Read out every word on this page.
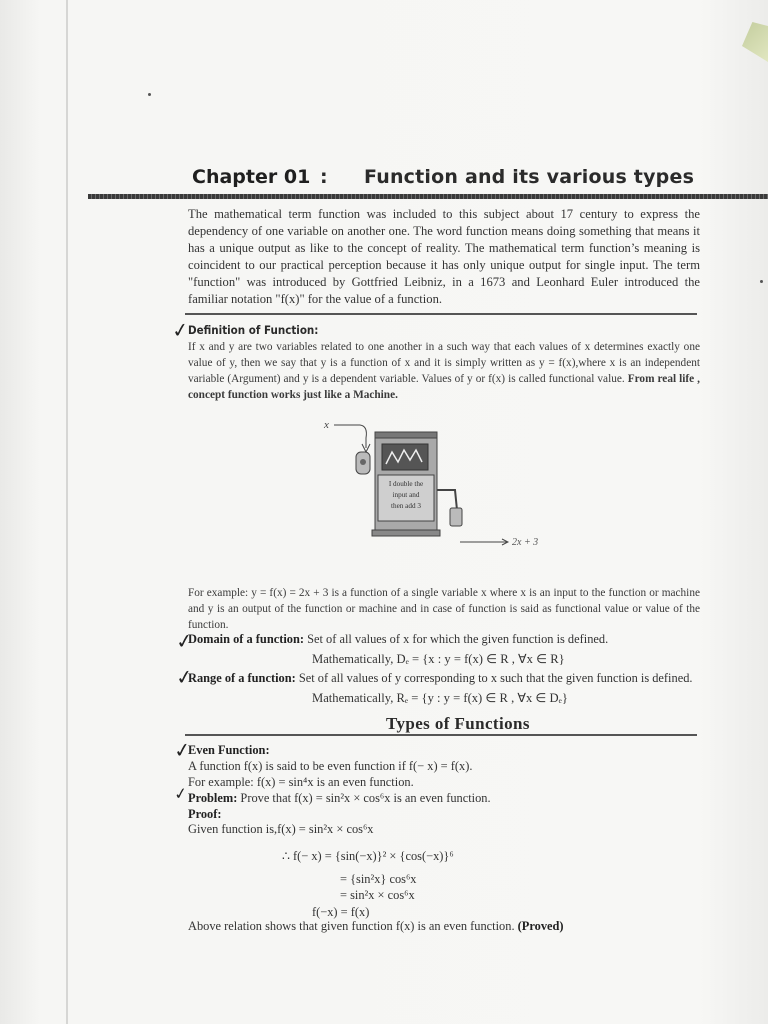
Chapter 01 : Function and its various types

The mathematical term function was included to this subject about 17 century to express the dependency of one variable on another one. The word function means doing something that means it has a unique output as like to the concept of reality. The mathematical term function’s meaning is coincident to our practical perception because it has only unique output for single input. The term "function" was introduced by Gottfried Leibniz, in a 1673 and Leonhard Euler introduced the familiar notation "f(x)" for the value of a function.

✓
Definition of Function:
If x and y are two variables related to one another in a such way that each values of x determines exactly one value of y, then we say that y is a function of x and it is simply written as y = f(x),where x is an independent variable (Argument) and y is a dependent variable. Values of y or f(x) is called functional value. From real life , concept function works just like a Machine.
x
I double the input and then add 3
2x + 3
For example: y = f(x) = 2x + 3 is a function of a single variable x where x is an input to the function or machine and y is an output of the function or machine and in case of function is said as functional value or value of the function.
✓
Domain of a function: Set of all values of x for which the given function is defined.
Mathematically, Dₑ = {x : y = f(x) ∈ R , ∀x ∈ R}
✓
Range of a function: Set of all values of y corresponding to x such that the given function is defined.
Mathematically, Rₑ = {y : y = f(x) ∈ R , ∀x ∈ Dₑ}
Types of Functions
✓
Even Function:
A function f(x) is said to be even function if f(− x) = f(x).
For example: f(x) = sin⁴x is an even function.
✓ Problem: Prove that f(x) = sin²x × cos⁶x is an even function.
Proof:
Given function is,f(x) = sin²x × cos⁶x
∴ f(− x) = {sin(−x)}² × {cos(−x)}⁶
= {sin²x} cos⁶x
= sin²x × cos⁶x
f(−x) = f(x)
Above relation shows that given function f(x) is an even function. (Proved)
